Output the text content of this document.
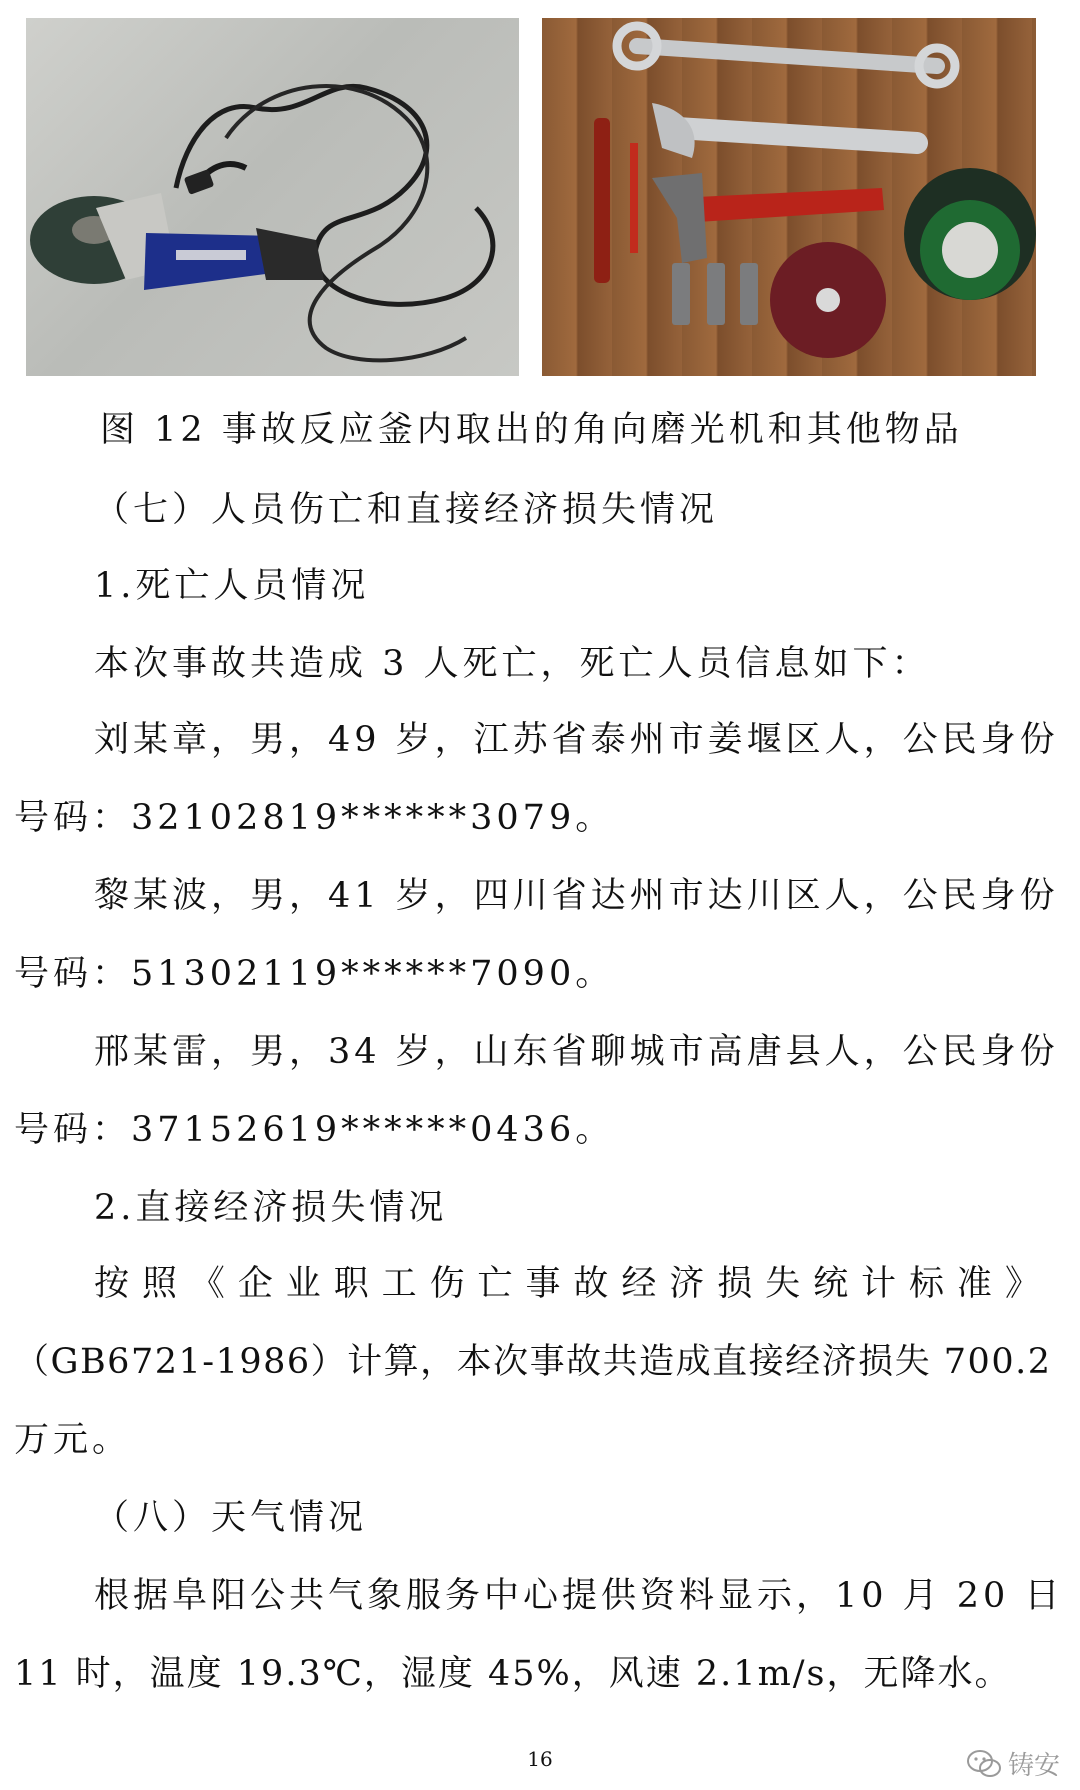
图 12 事故反应釜内取出的角向磨光机和其他物品
（七）人员伤亡和直接经济损失情况
1.死亡人员情况
本次事故共造成 3 人死亡，死亡人员信息如下：
刘某章，男，49 岁，江苏省泰州市姜堰区人，公民身份
号码：32102819******3079。
黎某波，男，41 岁，四川省达州市达川区人，公民身份
号码：51302119******7090。
邢某雷，男，34 岁，山东省聊城市高唐县人，公民身份
号码：37152619******0436。
2.直接经济损失情况
按 照 《 企 业 职 工 伤 亡 事 故 经 济 损 失 统 计 标 准 》
（GB6721-1986）计算，本次事故共造成直接经济损失 700.2
万元。
（八）天气情况
根据阜阳公共气象服务中心提供资料显示，10 月 20 日
11 时，温度 19.3℃，湿度 45%，风速 2.1m/s，无降水。
16	铸安
